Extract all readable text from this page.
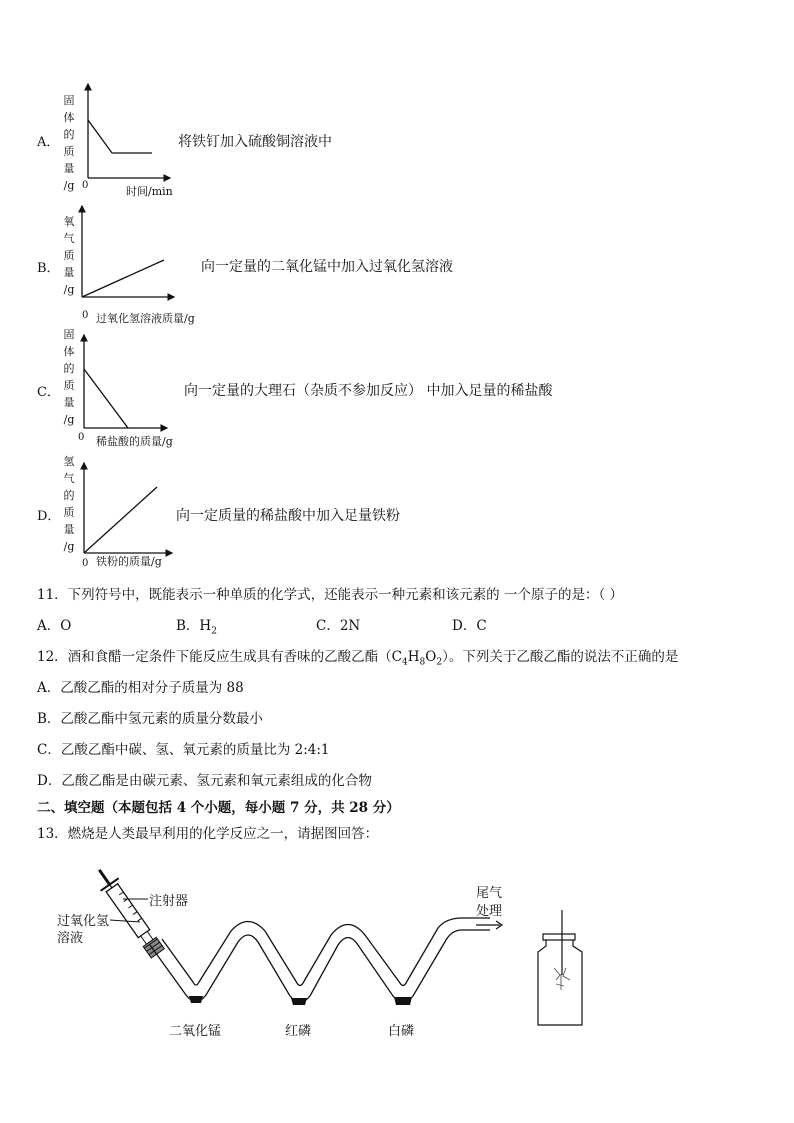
A．
固
体
的
质
量
/g 0	时间/min
将铁钉加入硫酸铜溶液中
B．
氧
气
质
量
/g
0 过氧化氢溶液质量/g
向一定量的二氧化锰中加入过氧化氢溶液
C．
固
体
的
质
量
/g
0 稀盐酸的质量/g
向一定量的大理石（杂质不参加反应） 中加入足量的稀盐酸
D．
氢
气
的
质
量
/g
0 铁粉的质量/g
向一定质量的稀盐酸中加入足量铁粉
11．下列符号中，既能表示一种单质的化学式，还能表示一种元素和该元素的 一个原子的是：（ ）
A．O	B．$H_2$	C．2N	D．C
12．酒和食醋一定条件下能反应生成具有香味的乙酸乙酯$(C_4H_8O_2)$。下列关于乙酸乙酯的说法不正确的是
A．乙酸乙酯的相对分子质量为 88
B．乙酸乙酯中氢元素的质量分数最小
C．乙酸乙酯中碳、氢、氧元素的质量比为 2:4:1
D．乙酸乙酯是由碳元素、氢元素和氧元素组成的化合物
二、填空题（本题包括 4 个小题，每小题 7 分，共 28 分）
13．燃烧是人类最早利用的化学反应之一，请据图回答：
注射器
过氧化氢
溶液
尾气
处理
二氧化锰	红磷	白磷
